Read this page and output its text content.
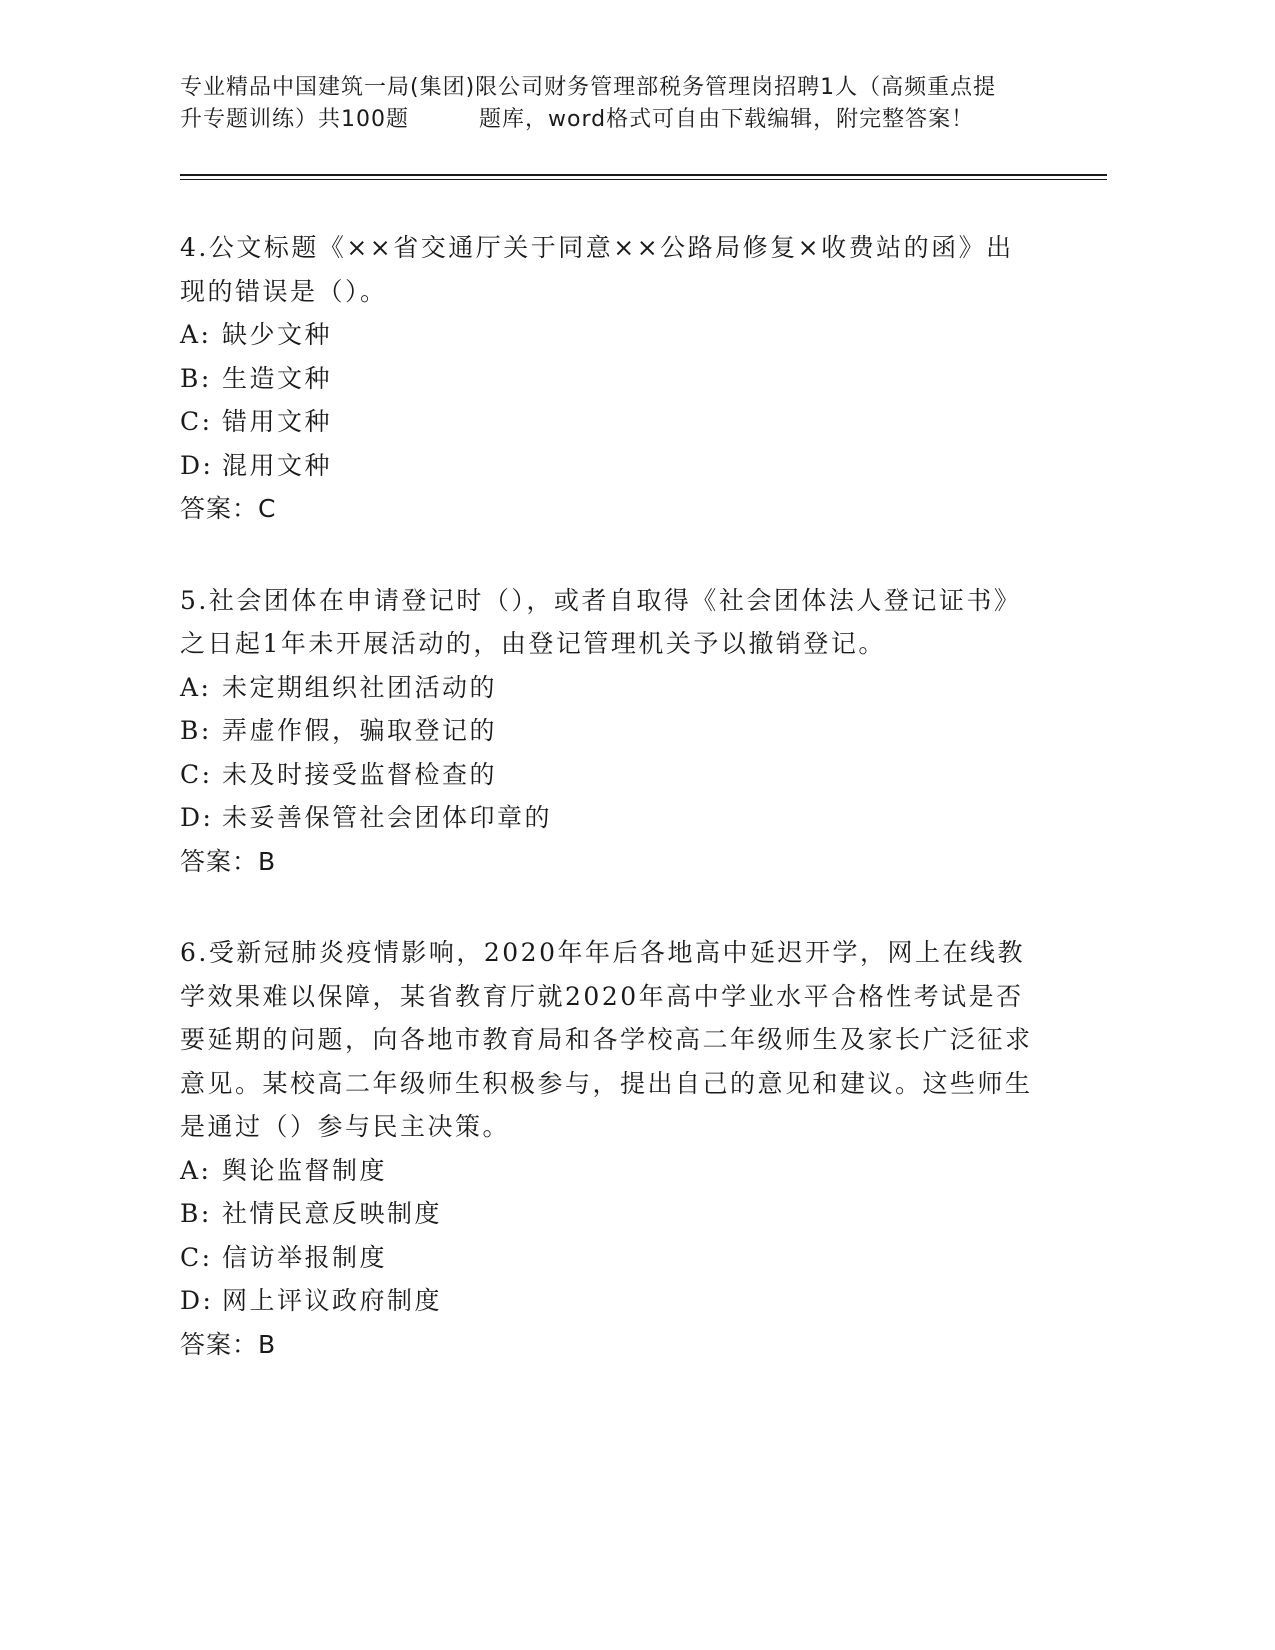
专业精品中国建筑一局(集团)限公司财务管理部税务管理岗招聘1人（高频重点提
升专题训练）共100题	题库，word格式可自由下载编辑，附完整答案！

4.公文标题《××省交通厅关于同意××公路局修复×收费站的函》出现的错误是（）。

A: 缺少文种

B: 生造文种

C: 错用文种

D: 混用文种

答案：C

5.社会团体在申请登记时（），或者自取得《社会团体法人登记证书》之日起1年未开展活动的，由登记管理机关予以撤销登记。

A: 未定期组织社团活动的

B: 弄虚作假，骗取登记的

C: 未及时接受监督检查的

D: 未妥善保管社会团体印章的

答案：B

6.受新冠肺炎疫情影响，2020年年后各地高中延迟开学，网上在线教学效果难以保障，某省教育厅就2020年高中学业水平合格性考试是否要延期的问题，向各地市教育局和各学校高二年级师生及家长广泛征求意见。某校高二年级师生积极参与，提出自己的意见和建议。这些师生是通过（）参与民主决策。

A: 舆论监督制度

B: 社情民意反映制度

C: 信访举报制度

D: 网上评议政府制度

答案：B
